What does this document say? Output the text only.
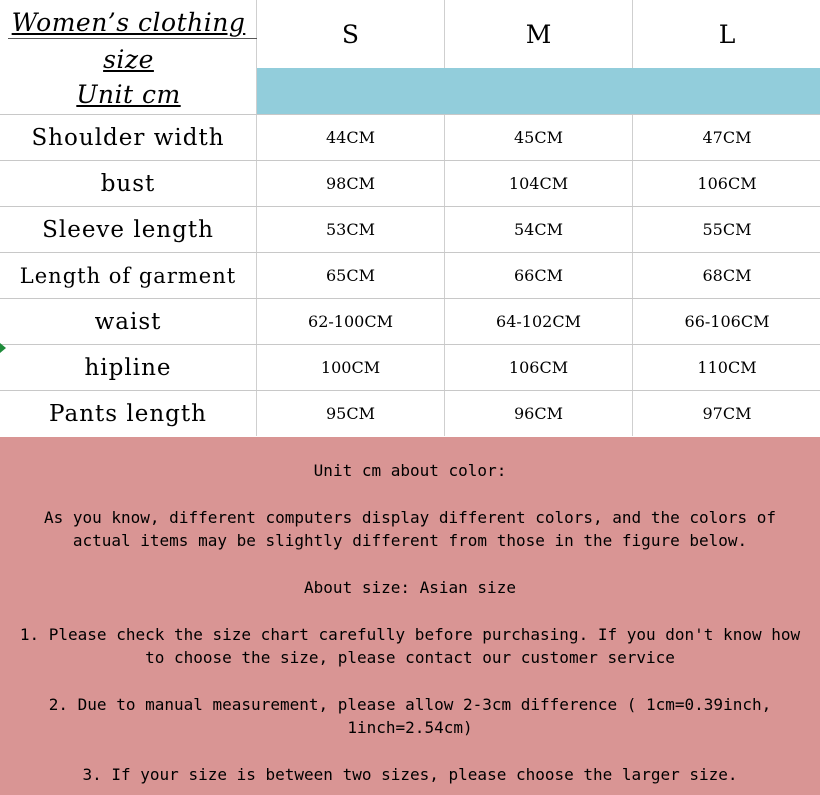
Women’s clothing
size
Unit cm
S	M	L
Shoulder width	44CM	45CM	47CM
bust	98CM	104CM	106CM
Sleeve length	53CM	54CM	55CM
Length of garment	65CM	66CM	68CM
waist	62-100CM	64-102CM	66-106CM
hipline	100CM	106CM	110CM
Pants length	95CM	96CM	97CM
Unit cm about color:
As you know, different computers display different colors, and the colors of
actual items may be slightly different from those in the figure below.
About size: Asian size
1. Please check the size chart carefully before purchasing. If you don't know how
to choose the size, please contact our customer service
2. Due to manual measurement, please allow 2-3cm difference ( 1cm=0.39inch,
1inch=2.54cm)
3. If your size is between two sizes, please choose the larger size.
